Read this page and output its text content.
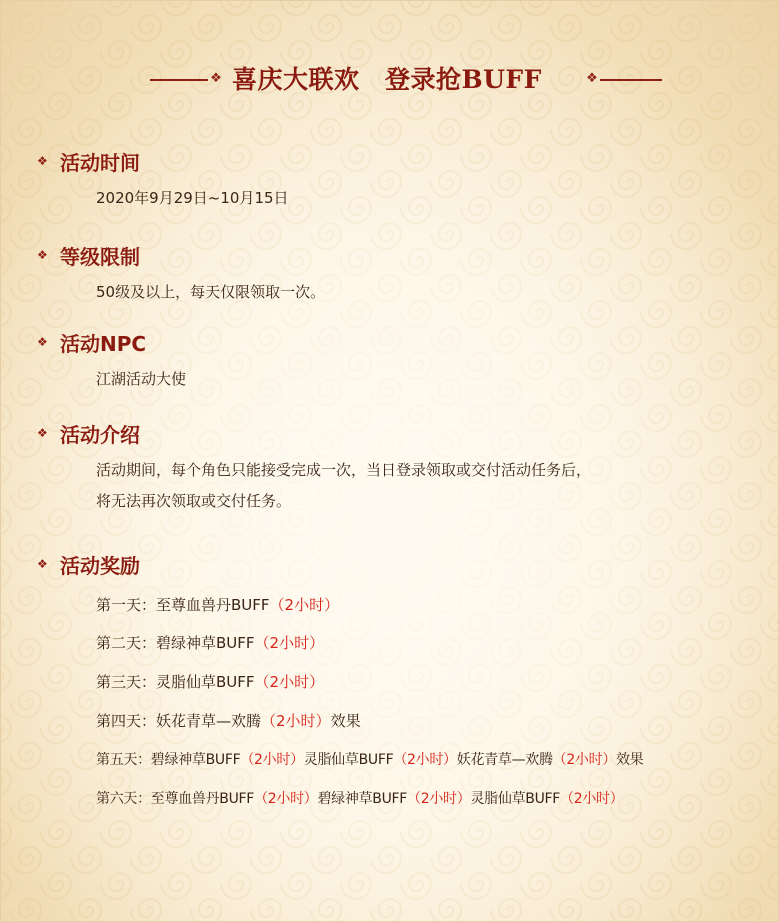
❖ 喜庆大联欢　登录抢BUFF	❖
❖ 活动时间
2020年9月29日~10月15日
❖ 等级限制
50级及以上，每天仅限领取一次。
❖ 活动NPC
江湖活动大使
❖ 活动介绍
活动期间，每个角色只能接受完成一次，当日登录领取或交付活动任务后，
将无法再次领取或交付任务。
❖ 活动奖励
第一天：至尊血兽丹BUFF（2小时）
第二天：碧绿神草BUFF（2小时）
第三天：灵脂仙草BUFF（2小时）
第四天：妖花青草—欢腾（2小时）效果
第五天：碧绿神草BUFF（2小时）灵脂仙草BUFF（2小时）妖花青草—欢腾（2小时）效果
第六天：至尊血兽丹BUFF（2小时）碧绿神草BUFF（2小时）灵脂仙草BUFF（2小时）
